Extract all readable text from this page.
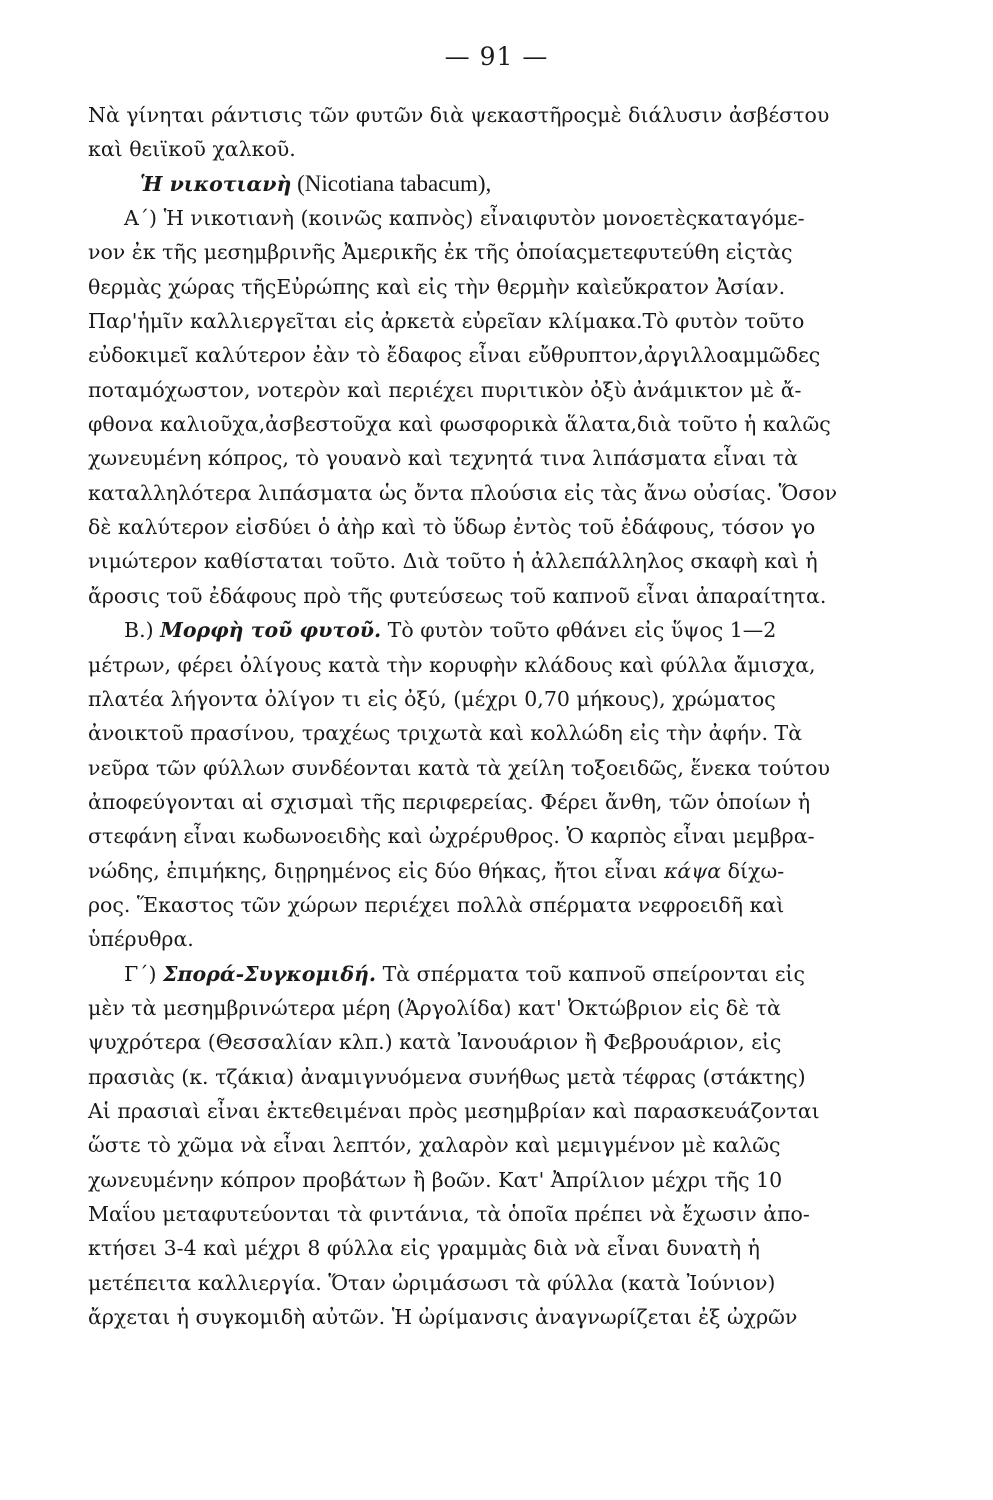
— 91 —
Νὰ γίνηται ράντισις τῶν φυτῶν διὰ ψεκαστῆροςμὲ διάλυσιν ἀσβέστου
καὶ θειϊκοῦ χαλκοῦ.
Ἡ νικοτιανὴ (Nicotiana tabacum),
Α΄) Ἡ νικοτιανὴ (κοινῶς καπνὸς) εἶναιφυτὸν μονοετὲςκαταγόμε-
νον ἐκ τῆς μεσημβρινῆς Ἀμερικῆς ἐκ τῆς ὁποίαςμετεφυτεύθη εἰςτὰς
θερμὰς χώρας τῆςΕὐρώπης καὶ εἰς τὴν θερμὴν καὶεὔκρατον Ἀσίαν.
Παρ'ἡμῖν καλλιεργεῖται εἰς ἀρκετὰ εὐρεῖαν κλίμακα.Τὸ φυτὸν τοῦτο
εὐδοκιμεῖ καλύτερον ἐὰν τὸ ἔδαφος εἶναι εὔθρυπτον,ἀργιλλοαμμῶδες
ποταμόχωστον, νοτερὸν καὶ περιέχει πυριτικὸν ὀξὺ ἀνάμικτον μὲ ἄ-
φθονα καλιοῦχα,ἀσβεστοῦχα καὶ φωσφορικὰ ἅλατα,διὰ τοῦτο ἡ καλῶς
χωνευμένη κόπρος, τὸ γουανὸ καὶ τεχνητά τινα λιπάσματα εἶναι τὰ
καταλληλότερα λιπάσματα ὡς ὄντα πλούσια εἰς τὰς ἄνω οὐσίας. Ὅσον
δὲ καλύτερον εἰσδύει ὁ ἀὴρ καὶ τὸ ὕδωρ ἐντὸς τοῦ ἐδάφους, τόσον γο
νιμώτερον καθίσταται τοῦτο. Διὰ τοῦτο ἡ ἀλλεπάλληλος σκαφὴ καὶ ἡ
ἄροσις τοῦ ἐδάφους πρὸ τῆς φυτεύσεως τοῦ καπνοῦ εἶναι ἀπαραίτητα.
Β.) Μορφὴ τοῦ φυτοῦ. Τὸ φυτὸν τοῦτο φθάνει εἰς ὕψος 1—2
μέτρων, φέρει ὀλίγους κατὰ τὴν κορυφὴν κλάδους καὶ φύλλα ἄμισχα,
πλατέα λήγοντα ὀλίγον τι εἰς ὀξύ, (μέχρι 0,70 μήκους), χρώματος
ἀνοικτοῦ πρασίνου, τραχέως τριχωτὰ καὶ κολλώδη εἰς τὴν ἀφήν. Τὰ
νεῦρα τῶν φύλλων συνδέονται κατὰ τὰ χείλη τοξοειδῶς, ἕνεκα τούτου
ἀποφεύγονται αἱ σχισμαὶ τῆς περιφερείας. Φέρει ἄνθη, τῶν ὁποίων ἡ
στεφάνη εἶναι κωδωνοειδὴς καὶ ὠχρέρυθρος. Ὁ καρπὸς εἶναι μεμβρα-
νώδης, ἐπιμήκης, διῃρημένος εἰς δύο θήκας, ἤτοι εἶναι κάψα δίχω-
ρος. Ἕκαστος τῶν χώρων περιέχει πολλὰ σπέρματα νεφροειδῆ καὶ
ὑπέρυθρα.
Γ΄) Σπορά-Συγκομιδή. Τὰ σπέρματα τοῦ καπνοῦ σπείρονται εἰς
μὲν τὰ μεσημβρινώτερα μέρη (Ἀργολίδα) κατ' Ὀκτώβριον εἰς δὲ τὰ
ψυχρότερα (Θεσσαλίαν κλπ.) κατὰ Ἰανουάριον ἢ Φεβρουάριον, εἰς
πρασιὰς (κ. τζάκια) ἀναμιγνυόμενα συνήθως μετὰ τέφρας (στάκτης)
Αἱ πρασιαὶ εἶναι ἐκτεθειμέναι πρὸς μεσημβρίαν καὶ παρασκευάζονται
ὥστε τὸ χῶμα νὰ εἶναι λεπτόν, χαλαρὸν καὶ μεμιγμένον μὲ καλῶς
χωνευμένην κόπρον προβάτων ἢ βοῶν. Κατ' Ἀπρίλιον μέχρι τῆς 10
Μαΐου μεταφυτεύονται τὰ φιντάνια, τὰ ὁποῖα πρέπει νὰ ἔχωσιν ἀπο-
κτήσει 3-4 καὶ μέχρι 8 φύλλα εἰς γραμμὰς διὰ νὰ εἶναι δυνατὴ ἡ
μετέπειτα καλλιεργία. Ὅταν ὠριμάσωσι τὰ φύλλα (κατὰ Ἰούνιον)
ἄρχεται ἡ συγκομιδὴ αὐτῶν. Ἡ ὠρίμανσις ἀναγνωρίζεται ἐξ ὠχρῶν
